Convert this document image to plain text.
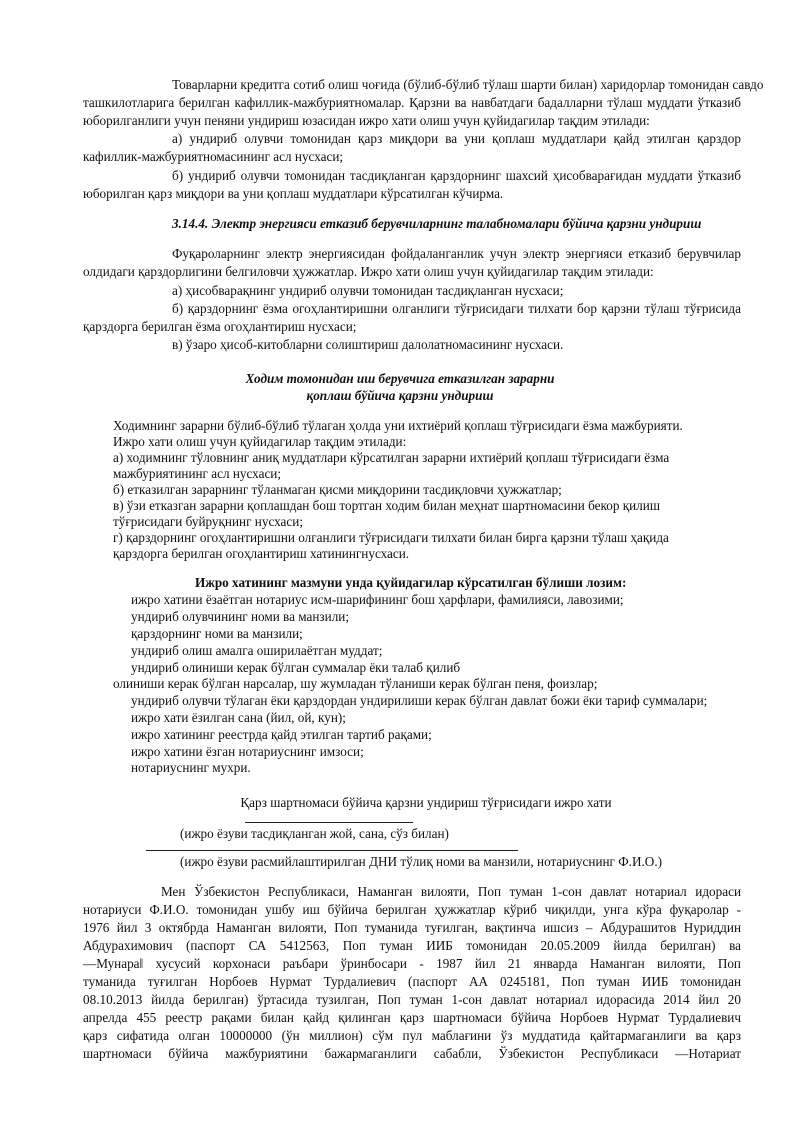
Товарларни кредитга сотиб олиш чоғида (бўлиб-бўлиб тўлаш шарти билан) харидорлар томонидан савдо

ташкилотларига берилган кафиллик-мажбуриятномалар. Қарзни ва навбатдаги бадалларни тўлаш муддати ўтказиб

юборилганлиги учун пеняни ундириш юзасидан ижро хати олиш учун қуйидагилар тақдим этилади:

а) ундириб олувчи томонидан қарз миқдори ва уни қоплаш муддатлари қайд этилган қарздор

кафиллик-мажбуриятномасининг асл нусхаси;

б) ундириб олувчи томонидан тасдиқланган қарздорнинг шахсий ҳисобварағидан муддати ўтказиб

юборилган қарз миқдори ва уни қоплаш муддатлари кўрсатилган кўчирма.

3.14.4. Электр энергияси етказиб берувчиларнинг талабномалари бўйича қарзни ундириш

Фуқароларнинг электр энергиясидан фойдаланганлик учун электр энергияси етказиб берувчилар

олдидаги қарздорлигини белгиловчи ҳужжатлар. Ижро хати олиш учун қуйидагилар тақдим этилади:

а) ҳисобварақнинг ундириб олувчи томонидан тасдиқланган нусхаси;

б) қарздорнинг ёзма огоҳлантиришни олганлиги тўғрисидаги тилхати бор қарзни тўлаш тўғрисида

қарздорга берилган ёзма огоҳлантириш нусхаси;

в) ўзаро ҳисоб-китобларни солиштириш далолатномасининг нусхаси.

Ходим томонидан иш берувчига етказилган зарарни

қоплаш бўйича қарзни ундириш

Ходимнинг зарарни бўлиб-бўлиб тўлаган ҳолда уни ихтиёрий қоплаш тўғрисидаги ёзма мажбурияти.

Ижро хати олиш учун қуйидагилар тақдим этилади:

а) ходимнинг тўловнинг аниқ муддатлари кўрсатилган зарарни ихтиёрий қоплаш тўғрисидаги ёзма

мажбуриятининг асл нусхаси;

б) етказилган зарарнинг тўланмаган қисми миқдорини тасдиқловчи ҳужжатлар;

в) ўзи етказган зарарни қоплашдан бош тортган ходим билан меҳнат шартномасини бекор қилиш

тўғрисидаги буйруқнинг нусхаси;

г) қарздорнинг огоҳлантиришни олганлиги тўғрисидаги тилхати билан бирга қарзни тўлаш ҳақида

қарздорга берилган огоҳлантириш хатинингнусхаси.

Ижро хатининг мазмуни унда қуйидагилар кўрсатилган бўлиши лозим:

ижро хатини ёзаётган нотариус исм-шарифининг бош ҳарфлари, фамилияси, лавозими;

ундириб олувчининг номи ва манзили;

қарздорнинг номи ва манзили;

ундириб олиш амалга оширилаётган муддат;

ундириб олиниши керак бўлган суммалар ёки талаб қилиб

олиниши керак бўлган нарсалар, шу жумладан тўланиши керак бўлган пеня, фоизлар;

ундириб олувчи тўлаган ёки қарздордан ундирилиши керак бўлган давлат божи ёки тариф суммалари;

ижро хати ёзилган сана (йил, ой, кун);

ижро хатининг реестрда қайд этилган тартиб рақами;

ижро хатини ёзган нотариуснинг имзоси;

нотариуснинг мухри.

Қарз шартномаси бўйича қарзни ундириш тўғрисидаги ижро хати

(ижро ёзуви тасдиқланган жой, сана, сўз билан)

(ижро ёзуви расмийлаштирилган ДНИ тўлиқ номи ва манзили, нотариуснинг Ф.И.О.)

Мен Ўзбекистон Республикаси, Наманган вилояти, Поп туман 1-сон давлат нотариал идораси

нотариуси Ф.И.О. томонидан ушбу иш бўйича берилган ҳужжатлар кўриб чиқилди, унга кўра фуқаролар -

1976 йил 3 октябрда Наманган вилояти, Поп туманида туғилган, вақтинча ишсиз – Абдурашитов Нуриддин

Абдурахимович (паспорт СА 5412563, Поп туман ИИБ томонидан 20.05.2009 йилда берилган) ва

―Мунара‖ хусусий корхонаси раъбари ўринбосари - 1987 йил 21 январда Наманган вилояти, Поп

туманида туғилган Норбоев Нурмат Турдалиевич (паспорт АА 0245181, Поп туман ИИБ томонидан

08.10.2013 йилда берилган) ўртасида тузилган, Поп туман 1-сон давлат нотариал идорасида 2014 йил 20

апрелда 455 реестр рақами билан қайд қилинган қарз шартномаси бўйича Норбоев Нурмат Турдалиевич

қарз сифатида олган 10000000 (ўн миллион) сўм пул маблағини ўз муддатида қайтармаганлиги ва қарз

шартномаси бўйича мажбуриятини бажармаганлиги сабабли, Ўзбекистон Республикаси ―Нотариат
